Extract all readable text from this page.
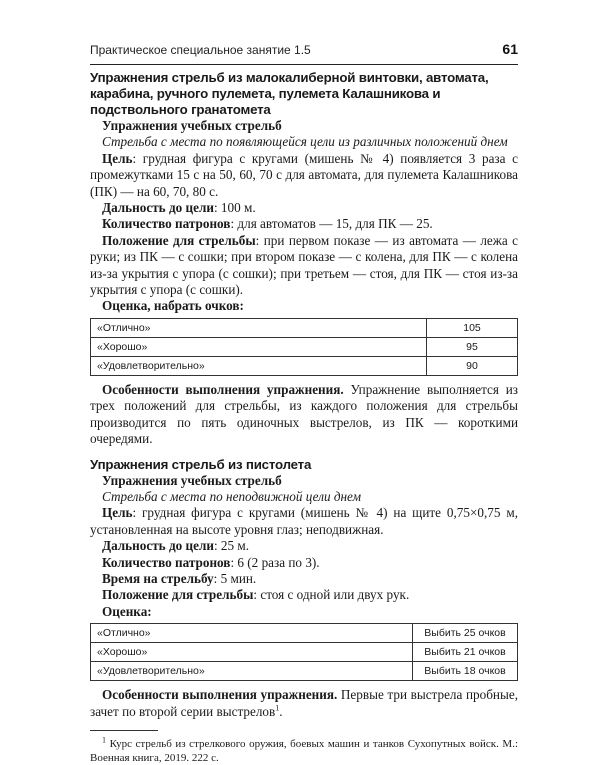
Практическое специальное занятие 1.5	61
Упражнения стрельб из малокалиберной винтовки, автомата, карабина, ручного пулемета, пулемета Калашникова и подствольного гранатомета

Упражнения учебных стрельб

Стрельба с места по появляющейся цели из различных положений днем

Цель: грудная фигура с кругами (мишень № 4) появляется 3 раза с промежутками 15 с на 50, 60, 70 с для автомата, для пулемета Калашникова (ПК) — на 60, 70, 80 с.

Дальность до цели: 100 м.

Количество патронов: для автоматов — 15, для ПК — 25.

Положение для стрельбы: при первом показе — из автомата — лежа с руки; из ПК — с сошки; при втором показе — с колена, для ПК — с колена из-за укрытия с упора (с сошки); при третьем — стоя, для ПК — стоя из-за укрытия с упора (с сошки).

Оценка, набрать очков:

«Отлично»	105
«Хорошо»	95
«Удовлетворительно»	90

Особенности выполнения упражнения. Упражнение выполняется из трех положений для стрельбы, из каждого положения для стрельбы производится по пять одиночных выстрелов, из ПК — короткими очередями.

Упражнения стрельб из пистолета

Упражнения учебных стрельб

Стрельба с места по неподвижной цели днем

Цель: грудная фигура с кругами (мишень № 4) на щите 0,75×0,75 м, установленная на высоте уровня глаз; неподвижная.

Дальность до цели: 25 м.

Количество патронов: 6 (2 раза по 3).

Время на стрельбу: 5 мин.

Положение для стрельбы: стоя с одной или двух рук.

Оценка:

«Отлично»	Выбить 25 очков
«Хорошо»	Выбить 21 очков
«Удовлетворительно»	Выбить 18 очков

Особенности выполнения упражнения. Первые три выстрела пробные, зачет по второй серии выстрелов$^1$.

$^1$ Курс стрельб из стрелкового оружия, боевых машин и танков Сухопутных войск. М.: Военная книга, 2019. 222 с.
